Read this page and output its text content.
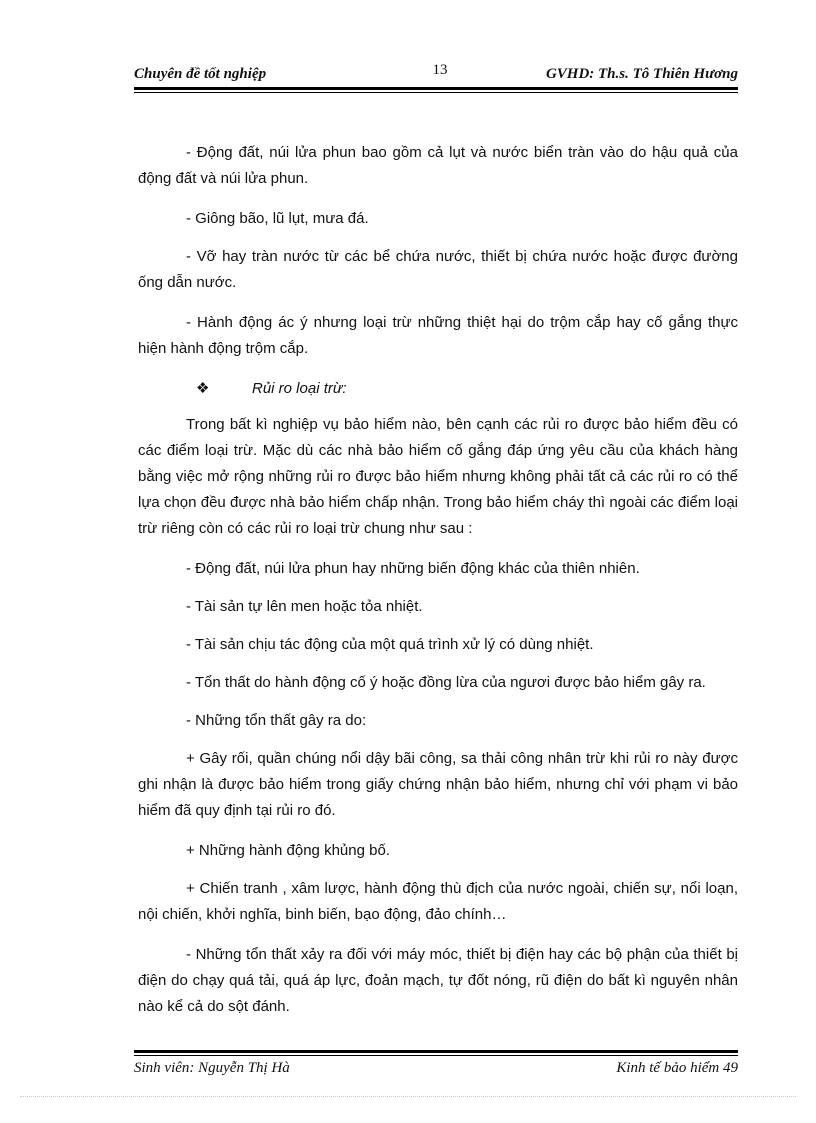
13
Chuyên đề tốt nghiệp	GVHD: Th.s. Tô Thiên Hương

- Động đất, núi lửa phun bao gồm cả lụt và nước biển tràn vào do hậu quả của động đất và núi lửa phun.

- Giông bão, lũ lụt, mưa đá.

- Vỡ hay tràn nước từ các bể chứa nước, thiết bị chứa nước hoặc được đường ống dẫn nước.

- Hành động ác ý nhưng loại trừ những thiệt hại do trộm cắp hay cố gắng thực hiện hành động trộm cắp.

❖	Rủi ro loại trừ:

Trong bất kì nghiệp vụ bảo hiểm nào, bên cạnh các rủi ro được bảo hiểm đều có các điểm loại trừ. Mặc dù các nhà bảo hiểm cố gắng đáp ứng yêu cầu của khách hàng bằng việc mở rộng những rủi ro được bảo hiểm nhưng không phải tất cả các rủi ro có thể lựa chọn đều được nhà bảo hiểm chấp nhận. Trong bảo hiểm cháy thì ngoài các điểm loại trừ riêng còn có các rủi ro loại trừ chung như sau :

- Động đất, núi lửa phun hay những biến động khác của thiên nhiên.

- Tài sản tự lên men hoặc tỏa nhiệt.

- Tài sản chịu tác động của một quá trình xử lý có dùng nhiệt.

- Tổn thất do hành động cố ý hoặc đồng lừa của ngươi được bảo hiểm gây ra.

- Những tổn thất gây ra do:

+ Gây rối, quần chúng nổi dậy bãi công, sa thải công nhân trừ khi rủi ro này được ghi nhận là được bảo hiểm trong giấy chứng nhận bảo hiểm, nhưng chỉ với phạm vi bảo hiểm đã quy định tại rủi ro đó.

+ Những hành động khủng bố.

+ Chiến tranh , xâm lược, hành động thù địch của nước ngoài, chiến sự, nổi loạn, nội chiến, khởi nghĩa, binh biến, bạo động, đảo chính…

- Những tổn thất xảy ra đối với máy móc, thiết bị điện hay các bộ phận của thiết bị điện do chạy quá tải, quá áp lực, đoản mạch, tự đốt nóng, rũ điện do bất kì nguyên nhân nào kể cả do sột đánh.

Sinh viên: Nguyễn Thị Hà	Kinh tế bảo hiểm 49
